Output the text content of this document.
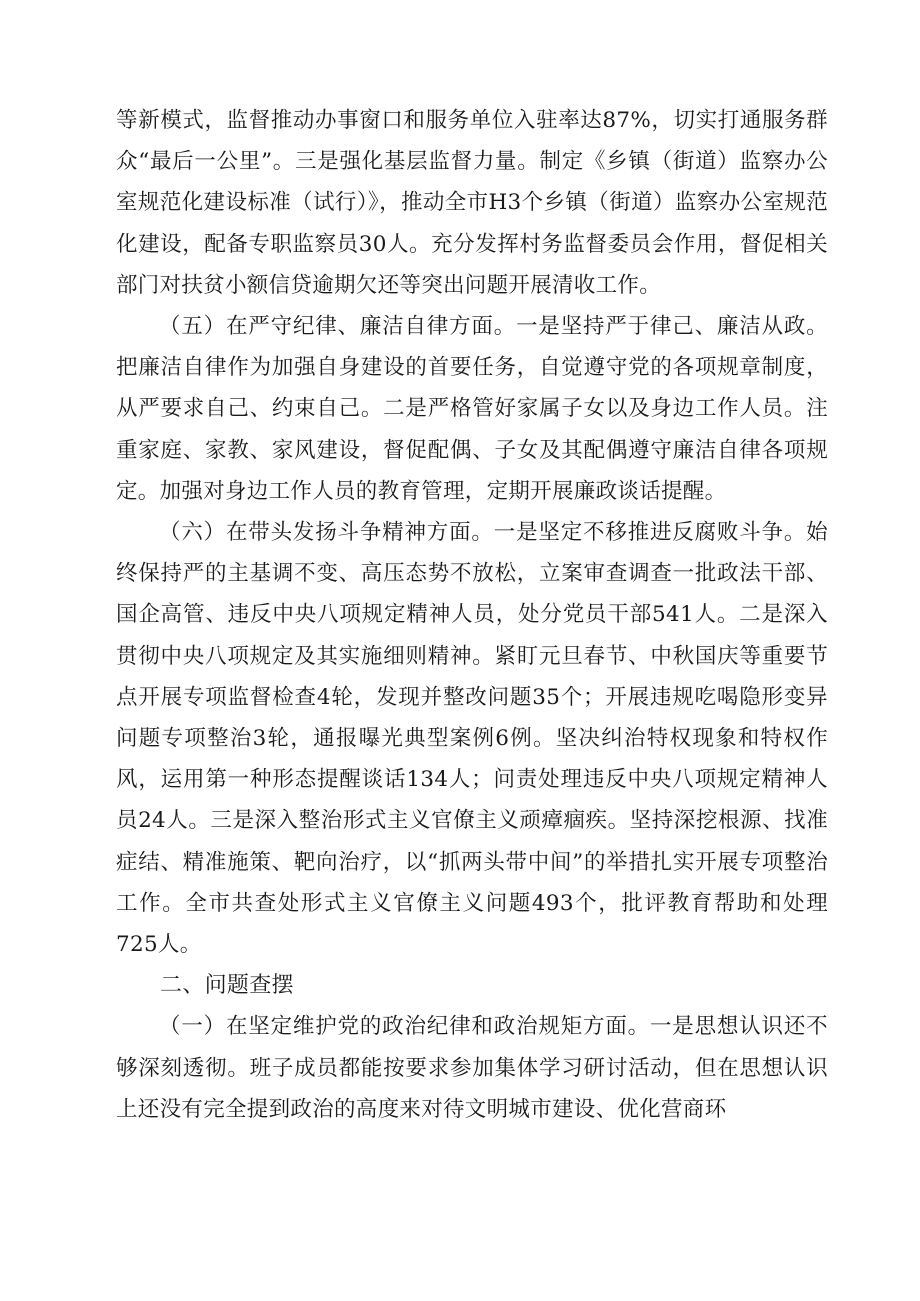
等新模式，监督推动办事窗口和服务单位入驻率达87%，切实打通服务群众“最后一公里”。三是强化基层监督力量。制定《乡镇（街道）监察办公室规范化建设标准（试行）》，推动全市H3个乡镇（街道）监察办公室规范化建设，配备专职监察员30人。充分发挥村务监督委员会作用，督促相关部门对扶贫小额信贷逾期欠还等突出问题开展清收工作。

（五）在严守纪律、廉洁自律方面。一是坚持严于律己、廉洁从政。把廉洁自律作为加强自身建设的首要任务，自觉遵守党的各项规章制度，从严要求自己、约束自己。二是严格管好家属子女以及身边工作人员。注重家庭、家教、家风建设，督促配偶、子女及其配偶遵守廉洁自律各项规定。加强对身边工作人员的教育管理，定期开展廉政谈话提醒。

（六）在带头发扬斗争精神方面。一是坚定不移推进反腐败斗争。始终保持严的主基调不变、高压态势不放松，立案审查调查一批政法干部、国企高管、违反中央八项规定精神人员，处分党员干部541人。二是深入贯彻中央八项规定及其实施细则精神。紧盯元旦春节、中秋国庆等重要节点开展专项监督检查4轮，发现并整改问题35个；开展违规吃喝隐形变异问题专项整治3轮，通报曝光典型案例6例。坚决纠治特权现象和特权作风，运用第一种形态提醒谈话134人；问责处理违反中央八项规定精神人员24人。三是深入整治形式主义官僚主义顽瘴痼疾。坚持深挖根源、找准症结、精准施策、靶向治疗，以“抓两头带中间”的举措扎实开展专项整治工作。全市共查处形式主义官僚主义问题493个，批评教育帮助和处理725人。

二、问题查摆

（一）在坚定维护党的政治纪律和政治规矩方面。一是思想认识还不够深刻透彻。班子成员都能按要求参加集体学习研讨活动，但在思想认识上还没有完全提到政治的高度来对待文明城市建设、优化营商环
